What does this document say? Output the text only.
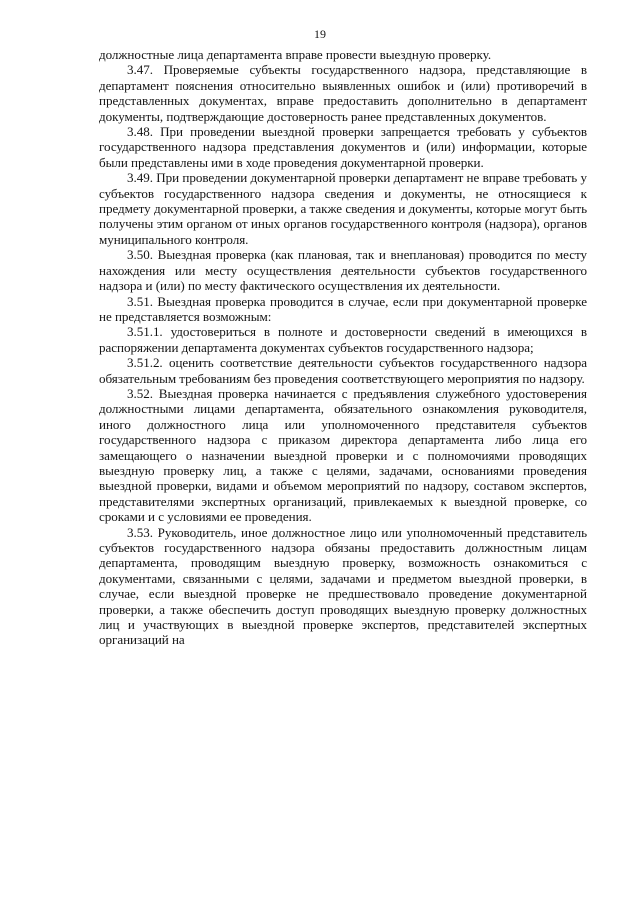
19

должностные лица департамента вправе провести выездную проверку.

3.47. Проверяемые субъекты государственного надзора, представляющие в департамент пояснения относительно выявленных ошибок и (или) противоречий в представленных документах, вправе предоставить дополнительно в департамент документы, подтверждающие достоверность ранее представленных документов.

3.48. При проведении выездной проверки запрещается требовать у субъектов государственного надзора представления документов и (или) информации, которые были представлены ими в ходе проведения документарной проверки.

3.49. При проведении документарной проверки департамент не вправе требовать у субъектов государственного надзора сведения и документы, не относящиеся к предмету документарной проверки, а также сведения и документы, которые могут быть получены этим органом от иных органов государственного контроля (надзора), органов муниципального контроля.

3.50. Выездная проверка (как плановая, так и внеплановая) проводится по месту нахождения или месту осуществления деятельности субъектов государственного надзора и (или) по месту фактического осуществления их деятельности.

3.51. Выездная проверка проводится в случае, если при документарной проверке не представляется возможным:

3.51.1. удостовериться в полноте и достоверности сведений в имеющихся в распоряжении департамента документах субъектов государственного надзора;

3.51.2. оценить соответствие деятельности субъектов государственного надзора обязательным требованиям без проведения соответствующего мероприятия по надзору.

3.52. Выездная проверка начинается с предъявления служебного удостоверения должностными лицами департамента, обязательного ознакомления руководителя, иного должностного лица или уполномоченного представителя субъектов государственного надзора с приказом директора департамента либо лица его замещающего о назначении выездной проверки и с полномочиями проводящих выездную проверку лиц, а также с целями, задачами, основаниями проведения выездной проверки, видами и объемом мероприятий по надзору, составом экспертов, представителями экспертных организаций, привлекаемых к выездной проверке, со сроками и с условиями ее проведения.

3.53. Руководитель, иное должностное лицо или уполномоченный представитель субъектов государственного надзора обязаны предоставить должностным лицам департамента, проводящим выездную проверку, возможность ознакомиться с документами, связанными с целями, задачами и предметом выездной проверки, в случае, если выездной проверке не предшествовало проведение документарной проверки, а также обеспечить доступ проводящих выездную проверку должностных лиц и участвующих в выездной проверке экспертов, представителей экспертных организаций на
